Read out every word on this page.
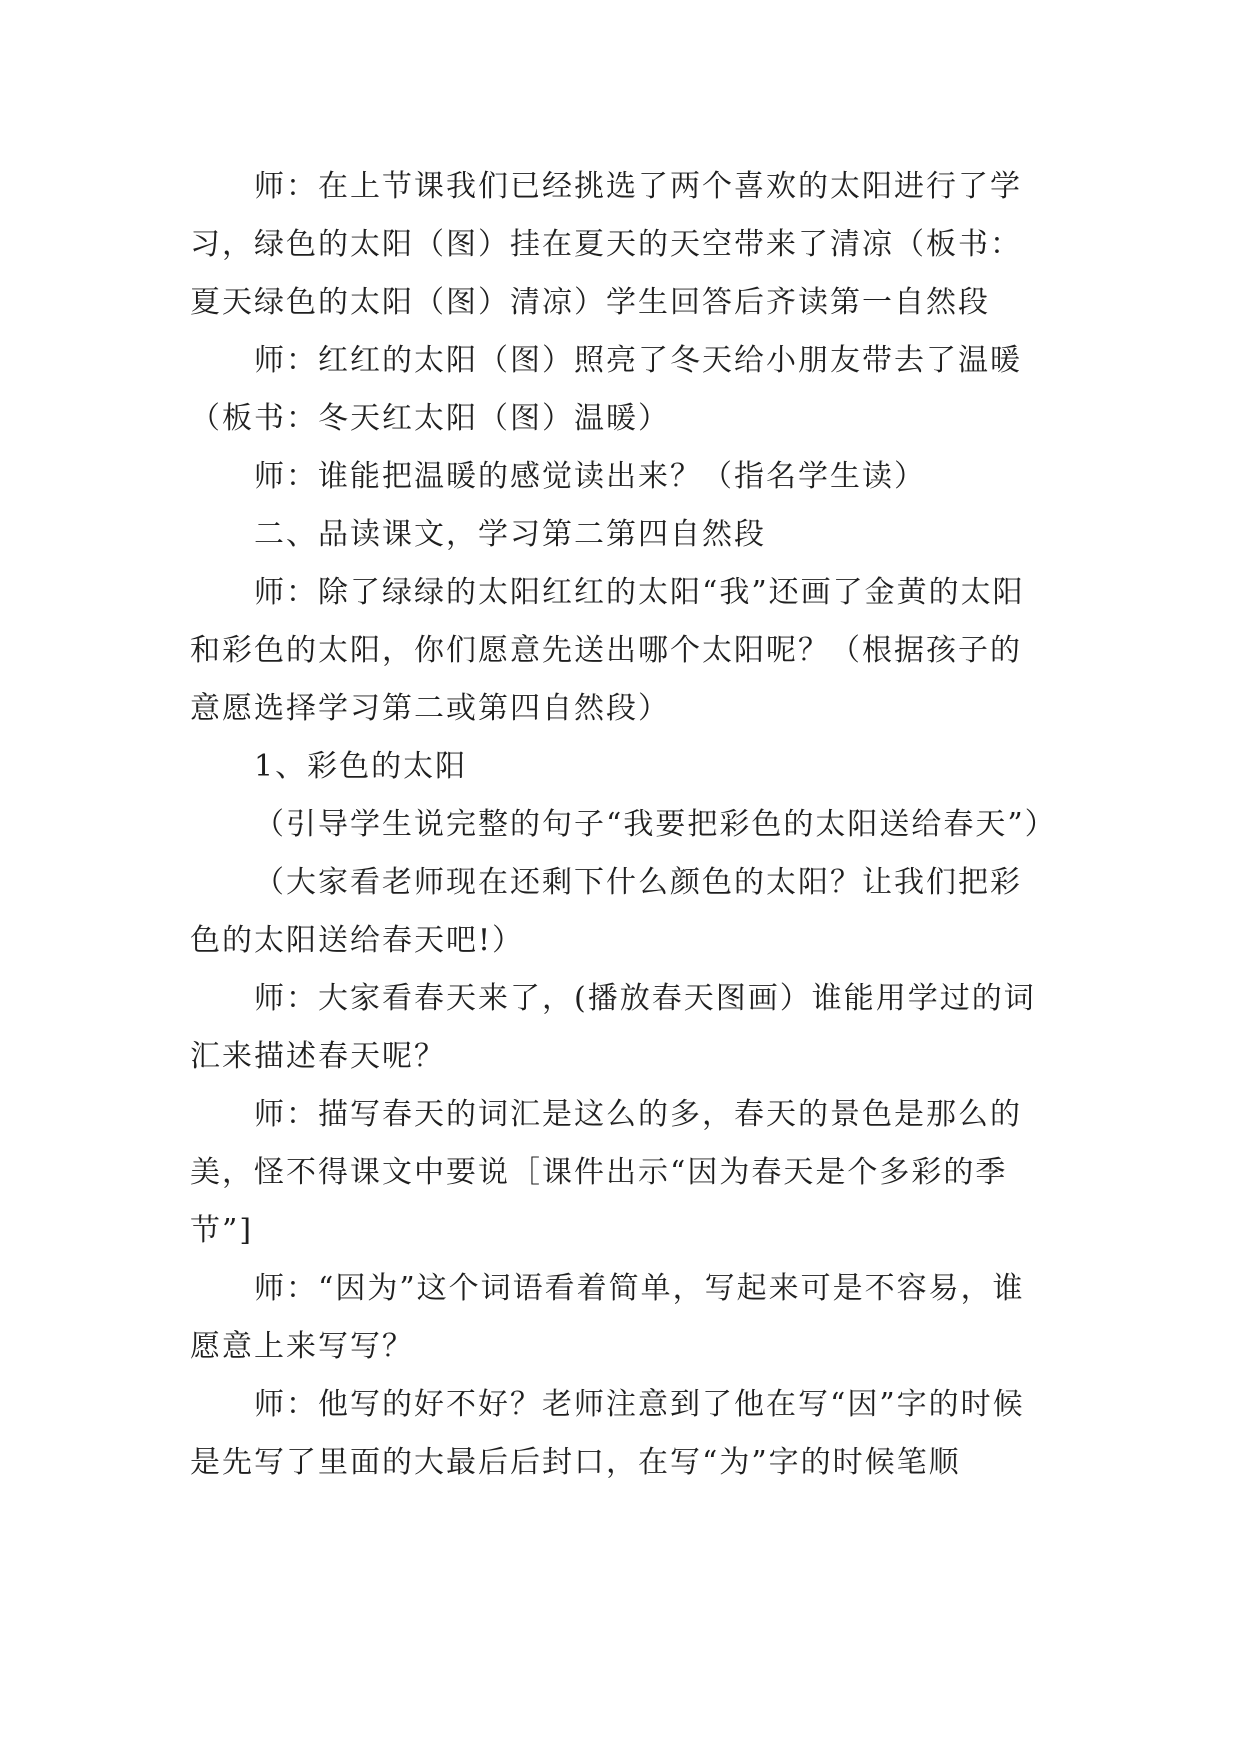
师：在上节课我们已经挑选了两个喜欢的太阳进行了学习，绿色的太阳（图）挂在夏天的天空带来了清凉（板书：夏天绿色的太阳（图）清凉）学生回答后齐读第一自然段

师：红红的太阳（图）照亮了冬天给小朋友带去了温暖（板书：冬天红太阳（图）温暖）

师：谁能把温暖的感觉读出来？（指名学生读）

二、品读课文，学习第二第四自然段

师：除了绿绿的太阳红红的太阳“我”还画了金黄的太阳和彩色的太阳，你们愿意先送出哪个太阳呢？（根据孩子的意愿选择学习第二或第四自然段）

1、彩色的太阳

（引导学生说完整的句子“我要把彩色的太阳送给春天”）

（大家看老师现在还剩下什么颜色的太阳？让我们把彩色的太阳送给春天吧!）

师：大家看春天来了，(播放春天图画）谁能用学过的词汇来描述春天呢？

师：描写春天的词汇是这么的多，春天的景色是那么的美，怪不得课文中要说［课件出示“因为春天是个多彩的季节”]

师：“因为”这个词语看着简单，写起来可是不容易，谁愿意上来写写？

师：他写的好不好？老师注意到了他在写“因”字的时候是先写了里面的大最后后封口，在写“为”字的时候笔顺
